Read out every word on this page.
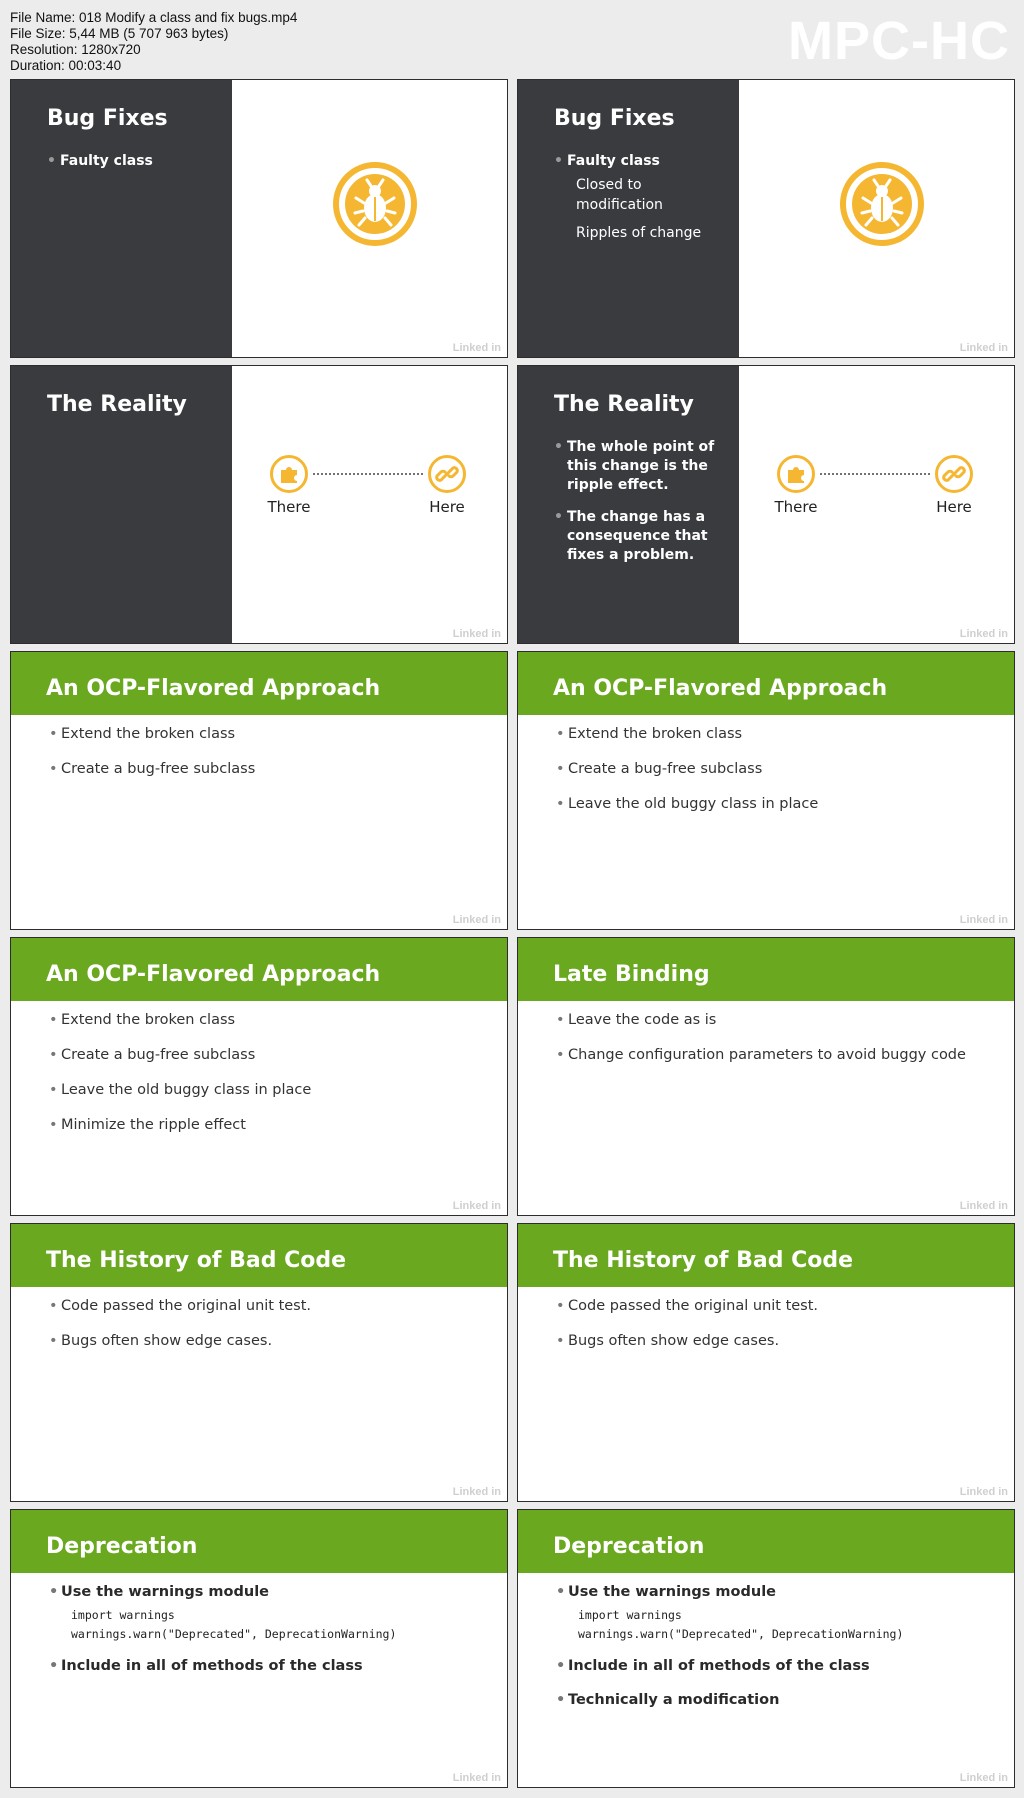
File Name: 018 Modify a class and fix bugs.mp4
File Size: 5,44 MB (5 707 963 bytes)
Resolution: 1280x720
Duration: 00:03:40	MPC-HC
Bug Fixes
• Faulty class
Linked in
Bug Fixes
• Faulty class
Closed to modification
Ripples of change
Linked in
The Reality
There	Here
Linked in
The Reality
• The whole point of this change is the ripple effect.
• The change has a consequence that fixes a problem.
There	Here
Linked in
An OCP-Flavored Approach
• Extend the broken class
• Create a bug-free subclass
Linked in
An OCP-Flavored Approach
• Extend the broken class
• Create a bug-free subclass
• Leave the old buggy class in place
Linked in
An OCP-Flavored Approach
• Extend the broken class
• Create a bug-free subclass
• Leave the old buggy class in place
• Minimize the ripple effect
Linked in
Late Binding
• Leave the code as is
• Change configuration parameters to avoid buggy code
Linked in
The History of Bad Code
• Code passed the original unit test.
• Bugs often show edge cases.
Linked in
The History of Bad Code
• Code passed the original unit test.
• Bugs often show edge cases.
Linked in
Deprecation
• Use the warnings module
import warnings
warnings.warn("Deprecated", DeprecationWarning)
• Include in all of methods of the class
Linked in
Deprecation
• Use the warnings module
import warnings
warnings.warn("Deprecated", DeprecationWarning)
• Include in all of methods of the class
• Technically a modification
Linked in
